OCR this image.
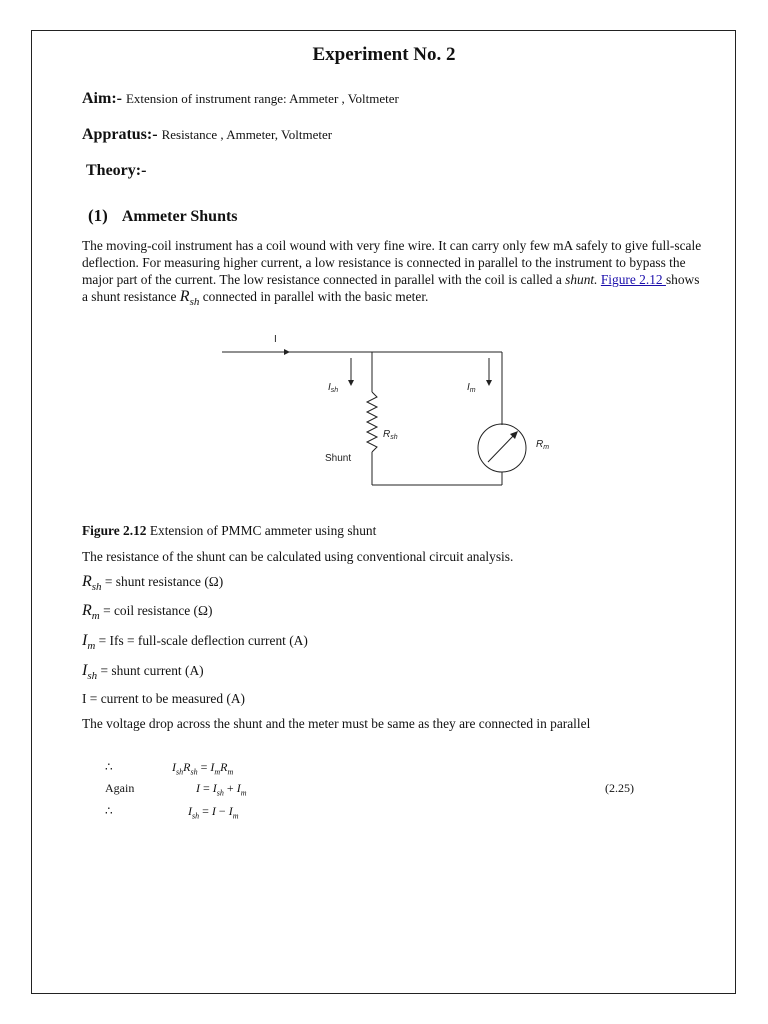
Experiment No. 2
Aim:- Extension of instrument range: Ammeter , Voltmeter
Appratus:- Resistance , Ammeter, Voltmeter
Theory:-
(1) Ammeter Shunts
The moving-coil instrument has a coil wound with very fine wire. It can carry only few mA safely to give full-scale deflection. For measuring higher current, a low resistance is connected in parallel to the instrument to bypass the major part of the current. The low resistance connected in parallel with the coil is called a shunt. Figure 2.12 shows a shunt resistance $R_{sh}$ connected in parallel with the basic meter.
I
$I_{sh}$	$I_m$
$R_{sh}$
Shunt
$R_m$
Figure 2.12 Extension of PMMC ammeter using shunt
The resistance of the shunt can be calculated using conventional circuit analysis.
$R_{sh}$ = shunt resistance (Ω)
$R_m$ = coil resistance (Ω)
$I_m$ = Ifs = full-scale deflection current (A)
$I_{sh}$ = shunt current (A)
I = current to be measured (A)
The voltage drop across the shunt and the meter must be same as they are connected in parallel
∴	$I_{sh}R_{sh} = I_mR_m$
Again	$I = I_{sh} + I_m$	(2.25)
∴	$I_{sh} = I - I_m$
